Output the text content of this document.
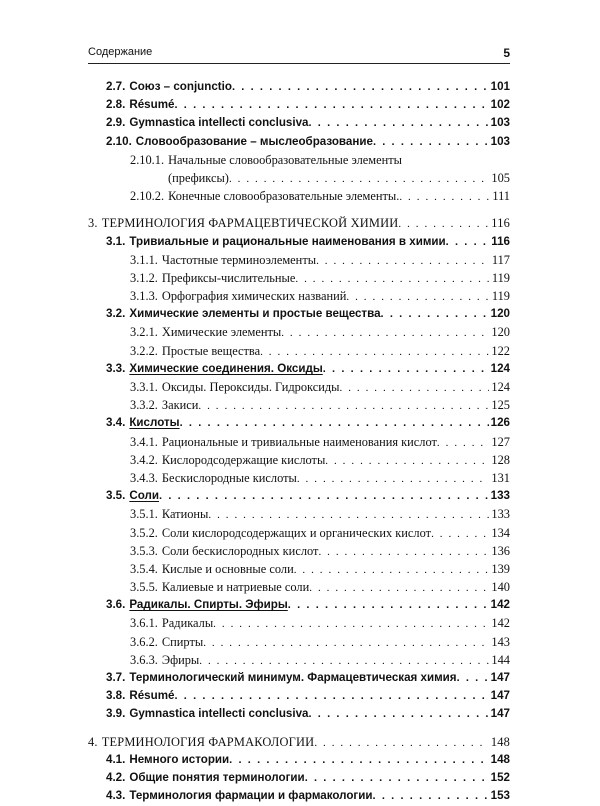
Содержание	5
2.7. Союз – conjunctio . . .	101
2.8. Résumé . . .	102
2.9. Gymnastica intellecti conclusiva . . .	103
2.10. Словообразование – мыслеобразование . . .	103
2.10.1. Начальные словообразовательные элементы
(префиксы) . . .	105
2.10.2. Конечные словообразовательные элементы. . . .	111
3. ТЕРМИНОЛОГИЯ ФАРМАЦЕВТИЧЕСКОЙ ХИМИИ . . .	116
3.1. Тривиальные и рациональные наименования в химии . . .	116
3.1.1. Частотные терминоэлементы . . .	117
3.1.2. Префиксы-числительные . . .	119
3.1.3. Орфография химических названий . . .	119
3.2. Химические элементы и простые вещества . . .	120
3.2.1. Химические элементы . . .	120
3.2.2. Простые вещества . . .	122
3.3. Химические соединения. Оксиды . . .	124
3.3.1. Оксиды. Пероксиды. Гидроксиды . . .	124
3.3.2. Закиси . . .	125
3.4. Кислоты . . .	126
3.4.1. Рациональные и тривиальные наименования кислот . . .	127
3.4.2. Кислородсодержащие кислоты . . .	128
3.4.3. Бескислородные кислоты . . .	131
3.5. Соли . . .	133
3.5.1. Катионы . . .	133
3.5.2. Соли кислородсодержащих и органических кислот . . .	134
3.5.3. Соли бескислородных кислот . . .	136
3.5.4. Кислые и основные соли . . .	139
3.5.5. Калиевые и натриевые соли . . .	140
3.6. Радикалы. Спирты. Эфиры . . .	142
3.6.1. Радикалы . . .	142
3.6.2. Спирты . . .	143
3.6.3. Эфиры . . .	144
3.7. Терминологический минимум. Фармацевтическая химия . . .	147
3.8. Résumé . . .	147
3.9. Gymnastica intellecti conclusiva . . .	147
4. ТЕРМИНОЛОГИЯ ФАРМАКОЛОГИИ . . .	148
4.1. Немного истории . . .	148
4.2. Общие понятия терминологии . . .	152
4.3. Терминология фармации и фармакологии . . .	153
